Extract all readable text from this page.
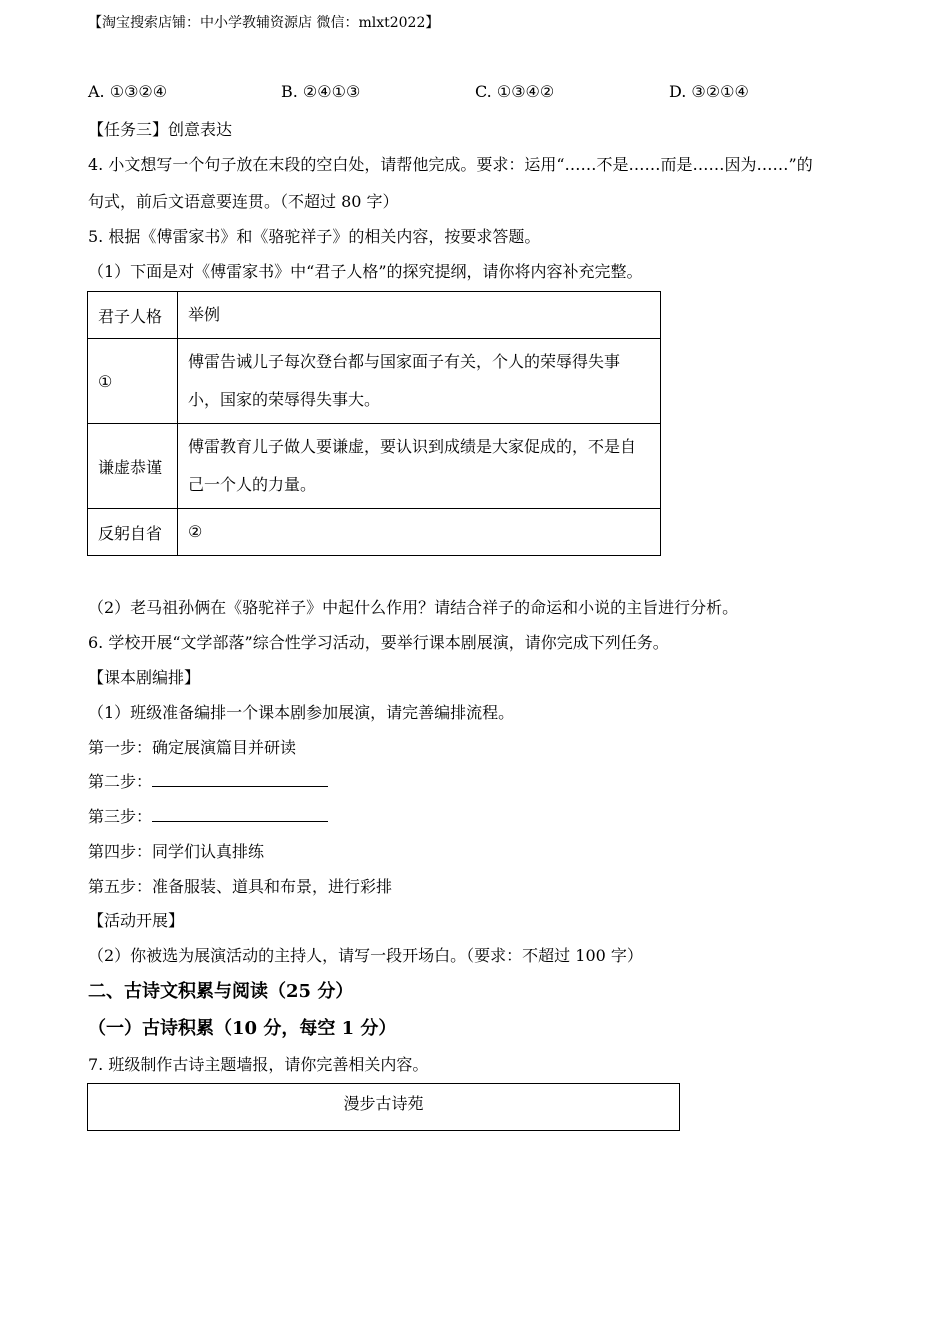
【淘宝搜索店铺：中小学教辅资源店 微信：mlxt2022】
A. ①③②④	B. ②④①③	C. ①③④②	D. ③②①④
【任务三】创意表达
4. 小文想写一个句子放在末段的空白处，请帮他完成。要求：运用“……不是……而是……因为……”的
句式，前后文语意要连贯。（不超过 80 字）
5. 根据《傅雷家书》和《骆驼祥子》的相关内容，按要求答题。
（1）下面是对《傅雷家书》中“君子人格”的探究提纲，请你将内容补充完整。
君子人格	举例
①	傅雷告诫儿子每次登台都与国家面子有关，个人的荣辱得失事小，国家的荣辱得失事大。
谦虚恭谨	傅雷教育儿子做人要谦虚，要认识到成绩是大家促成的，不是自己一个人的力量。
反躬自省	②
（2）老马祖孙俩在《骆驼祥子》中起什么作用？请结合祥子的命运和小说的主旨进行分析。
6. 学校开展“文学部落”综合性学习活动，要举行课本剧展演，请你完成下列任务。
【课本剧编排】
（1）班级准备编排一个课本剧参加展演，请完善编排流程。
第一步：确定展演篇目并研读
第二步：
第三步：
第四步：同学们认真排练
第五步：准备服装、道具和布景，进行彩排
【活动开展】
（2）你被选为展演活动的主持人，请写一段开场白。（要求：不超过 100 字）
二、古诗文积累与阅读（25 分）
（一）古诗积累（10 分，每空 1 分）
7. 班级制作古诗主题墙报，请你完善相关内容。
漫步古诗苑
